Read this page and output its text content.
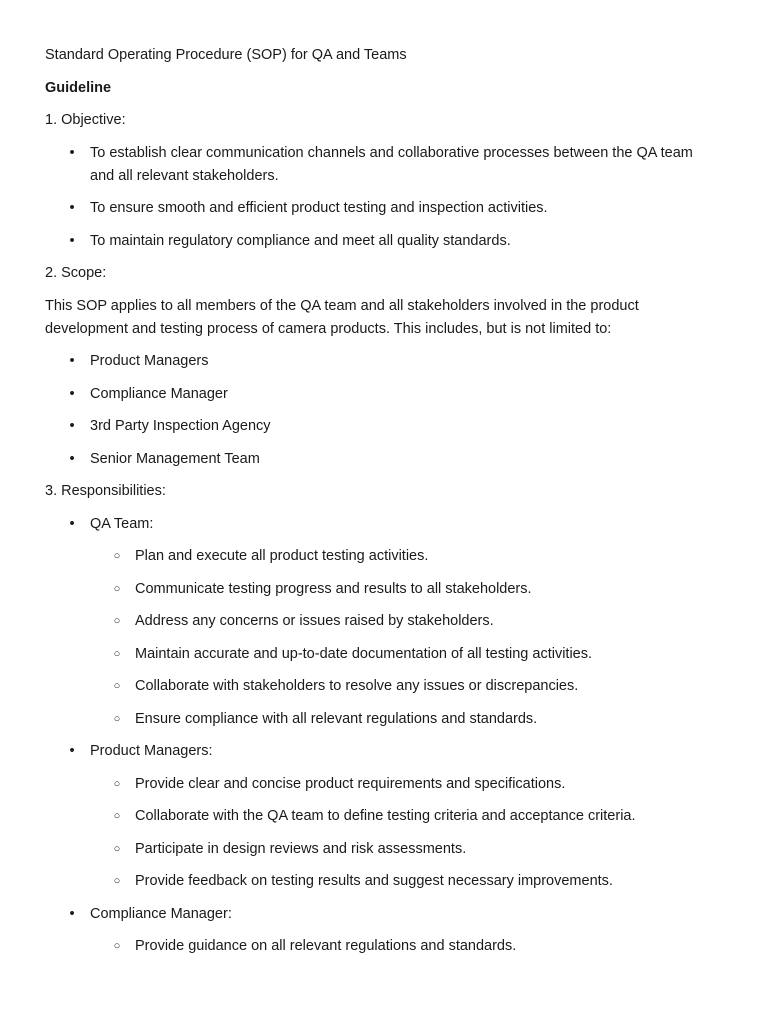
Standard Operating Procedure (SOP) for QA and Teams

Guideline

1. Objective:

• To establish clear communication channels and collaborative processes between the QA team and all relevant stakeholders.
• To ensure smooth and efficient product testing and inspection activities.
• To maintain regulatory compliance and meet all quality standards.

2. Scope:

This SOP applies to all members of the QA team and all stakeholders involved in the product development and testing process of camera products. This includes, but is not limited to:

• Product Managers
• Compliance Manager
• 3rd Party Inspection Agency
• Senior Management Team

3. Responsibilities:

• QA Team:
○ Plan and execute all product testing activities.
○ Communicate testing progress and results to all stakeholders.
○ Address any concerns or issues raised by stakeholders.
○ Maintain accurate and up-to-date documentation of all testing activities.
○ Collaborate with stakeholders to resolve any issues or discrepancies.
○ Ensure compliance with all relevant regulations and standards.
• Product Managers:
○ Provide clear and concise product requirements and specifications.
○ Collaborate with the QA team to define testing criteria and acceptance criteria.
○ Participate in design reviews and risk assessments.
○ Provide feedback on testing results and suggest necessary improvements.
• Compliance Manager:
○ Provide guidance on all relevant regulations and standards.
